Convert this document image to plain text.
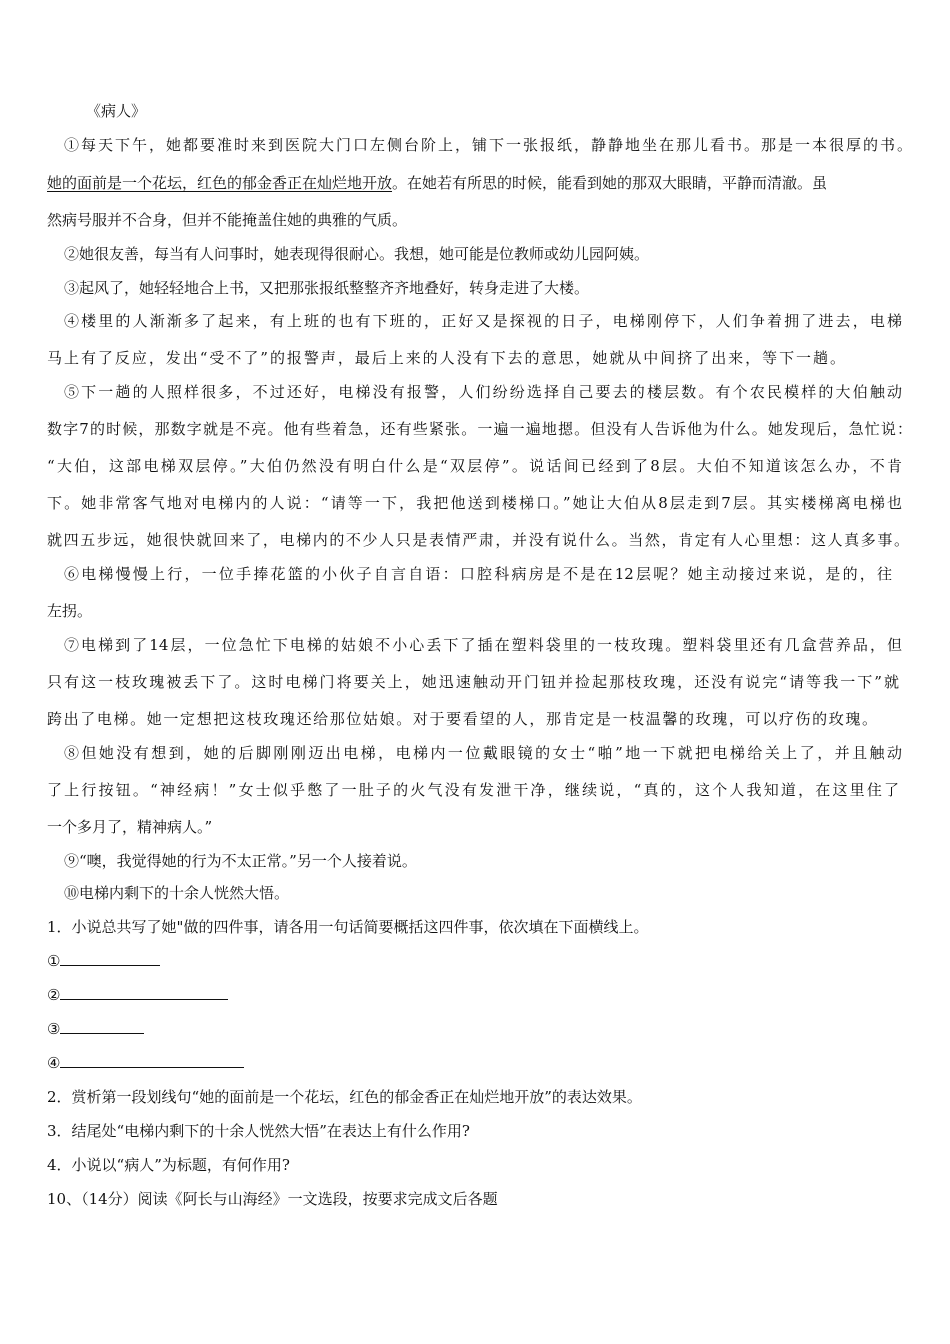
《病人》
①每天下午，她都要准时来到医院大门口左侧台阶上，铺下一张报纸，静静地坐在那儿看书。那是一本很厚的书。
她的面前是一个花坛，红色的郁金香正在灿烂地开放。在她若有所思的时候，能看到她的那双大眼睛，平静而清澈。虽
然病号服并不合身，但并不能掩盖住她的典雅的气质。
②她很友善，每当有人问事时，她表现得很耐心。我想，她可能是位教师或幼儿园阿姨。
③起风了，她轻轻地合上书，又把那张报纸整整齐齐地叠好，转身走进了大楼。
④楼里的人渐渐多了起来，有上班的也有下班的，正好又是探视的日子，电梯刚停下，人们争着拥了进去，电梯
马上有了反应，发出“受不了”的报警声，最后上来的人没有下去的意思，她就从中间挤了出来，等下一趟。
⑤下一趟的人照样很多，不过还好，电梯没有报警，人们纷纷选择自己要去的楼层数。有个农民模样的大伯触动
数字7的时候，那数字就是不亮。他有些着急，还有些紧张。一遍一遍地摁。但没有人告诉他为什么。她发现后，急忙说：
“大伯，这部电梯双层停。”大伯仍然没有明白什么是“双层停”。说话间已经到了8层。大伯不知道该怎么办，不肯
下。她非常客气地对电梯内的人说：“请等一下，我把他送到楼梯口。”她让大伯从8层走到7层。其实楼梯离电梯也
就四五步远，她很快就回来了，电梯内的不少人只是表情严肃，并没有说什么。当然，肯定有人心里想：这人真多事。
⑥电梯慢慢上行，一位手捧花篮的小伙子自言自语：口腔科病房是不是在12层呢？她主动接过来说，是的，往
左拐。
⑦电梯到了14层，一位急忙下电梯的姑娘不小心丢下了插在塑料袋里的一枝玫瑰。塑料袋里还有几盒营养品，但
只有这一枝玫瑰被丢下了。这时电梯门将要关上，她迅速触动开门钮并捡起那枝玫瑰，还没有说完“请等我一下”就
跨出了电梯。她一定想把这枝玫瑰还给那位姑娘。对于要看望的人，那肯定是一枝温馨的玫瑰，可以疗伤的玫瑰。
⑧但她没有想到，她的后脚刚刚迈出电梯，电梯内一位戴眼镜的女士“啪”地一下就把电梯给关上了，并且触动
了上行按钮。“神经病！”女士似乎憋了一肚子的火气没有发泄干净，继续说，“真的，这个人我知道，在这里住了
一个多月了，精神病人。”
⑨“噢，我觉得她的行为不太正常。”另一个人接着说。
⑩电梯内剩下的十余人恍然大悟。
1．小说总共写了她"做的四件事，请各用一句话简要概括这四件事，依次填在下面横线上。
①
②
③
④
2．赏析第一段划线句“她的面前是一个花坛，红色的郁金香正在灿烂地开放”的表达效果。
3．结尾处“电梯内剩下的十余人恍然大悟”在表达上有什么作用?
4．小说以“病人”为标题，有何作用?
10、（14分）阅读《阿长与山海经》一文选段，按要求完成文后各题
